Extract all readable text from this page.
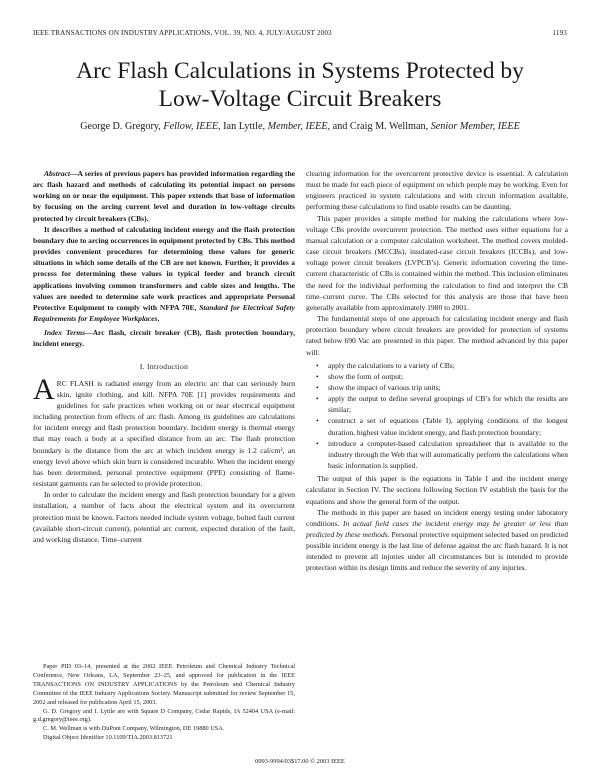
IEEE TRANSACTIONS ON INDUSTRY APPLICATIONS, VOL. 39, NO. 4, JULY/AUGUST 2003	1193
Arc Flash Calculations in Systems Protected by
Low-Voltage Circuit Breakers
George D. Gregory, Fellow, IEEE, Ian Lyttle, Member, IEEE, and Craig M. Wellman, Senior Member, IEEE

Abstract—A series of previous papers has provided information regarding the arc flash hazard and methods of calculating its potential impact on persons working on or near the equipment. This paper extends that base of information by focusing on the arcing current level and duration in low-voltage circuits protected by circuit breakers (CBs).

It describes a method of calculating incident energy and the flash protection boundary due to arcing occurrences in equipment protected by CBs. This method provides convenient procedures for determining these values for generic situations in which some details of the CB are not known. Further, it provides a process for determining these values in typical feeder and branch circuit applications involving common transformers and cable sizes and lengths. The values are needed to determine safe work practices and appropriate Personal Protective Equipment to comply with NFPA 70E, Standard for Electrical Safety Requirements for Employee Workplaces.

Index Terms—Arc flash, circuit breaker (CB), flash protection boundary, incident energy.

I. Introduction

ARC FLASH is radiated energy from an electric arc that can seriously burn skin, ignite clothing, and kill. NFPA 70E [1] provides requirements and guidelines for safe practices when working on or near electrical equipment including protection from effects of arc flash. Among its guidelines are calculations for incident energy and flash protection boundary. Incident energy is thermal energy that may reach a body at a specified distance from an arc. The flash protection boundary is the distance from the arc at which incident energy is 1.2 cal/cm², an energy level above which skin burn is considered incurable. When the incident energy has been determined, personal protective equipment (PPE) consisting of flame-resistant garments can be selected to provide protection.

In order to calculate the incident energy and flash protection boundary for a given installation, a number of facts about the electrical system and its overcurrent protection must be known. Factors needed include system voltage, bolted fault current (available short-circuit current), potential arc current, expected duration of the fault, and working distance. Time–current

Paper PID 03–14, presented at the 2002 IEEE Petroleum and Chemical Industry Technical Conference, New Orleans, LA, September 23–25, and approved for publication in the IEEE TRANSACTIONS ON INDUSTRY APPLICATIONS by the Petroleum and Chemical Industry Committee of the IEEE Industry Applications Society. Manuscript submitted for review September 15, 2002 and released for publication April 15, 2003.

G. D. Gregory and I. Lyttle are with Square D Company, Cedar Rapids, IA 52404 USA (e-mail: g.d.gregory@ieee.org).

C. M. Wellman is with DuPont Company, Wilmington, DE 19880 USA.

Digital Object Identifier 10.1109/TIA.2003.813721

clearing information for the overcurrent protective device is essential. A calculation must be made for each piece of equipment on which people may be working. Even for engineers practiced in system calculations and with circuit information available, performing these calculations to find usable results can be daunting.

This paper provides a simple method for making the calculations where low-voltage CBs provide overcurrent protection. The method uses either equations for a manual calculation or a computer calculation worksheet. The method covers molded-case circuit breakers (MCCBs), insulated-case circuit breakers (ICCBs), and low-voltage power circuit breakers (LVPCB’s). Generic information covering the time-current characteristic of CBs is contained within the method. This inclusion eliminates the need for the individual performing the calculation to find and interpret the CB time–current curve. The CBs selected for this analysis are those that have been generally available from approximately 1980 to 2001.

The fundamental steps of one approach for calculating incident energy and flash protection boundary where circuit breakers are provided for protection of systems rated below 690 Vac are presented in this paper. The method advanced by this paper will:

• apply the calculations to a variety of CBs;
• show the form of output;
• show the impact of various trip units;
• apply the output to define several groupings of CB’s for which the results are similar;
• construct a set of equations (Table I), applying conditions of the longest duration, highest value incident energy, and flash protection boundary;
• introduce a computer-based calculation spreadsheet that is available to the industry through the Web that will automatically perform the calculations when basic information is supplied.

The output of this paper is the equations in Table I and the incident energy calculator in Section IV. The sections following Section IV establish the basis for the equations and show the general form of the output.

The methods in this paper are based on incident energy testing under laboratory conditions. In actual field cases the incident energy may be greater or less than predicted by these methods. Personal protective equipment selected based on predicted possible incident energy is the last line of defense against the arc flash hazard. It is not intended to prevent all injuries under all circumstances but is intended to provide protection within its design limits and reduce the severity of any injuries.

0093-9994/03$17.00 © 2003 IEEE
